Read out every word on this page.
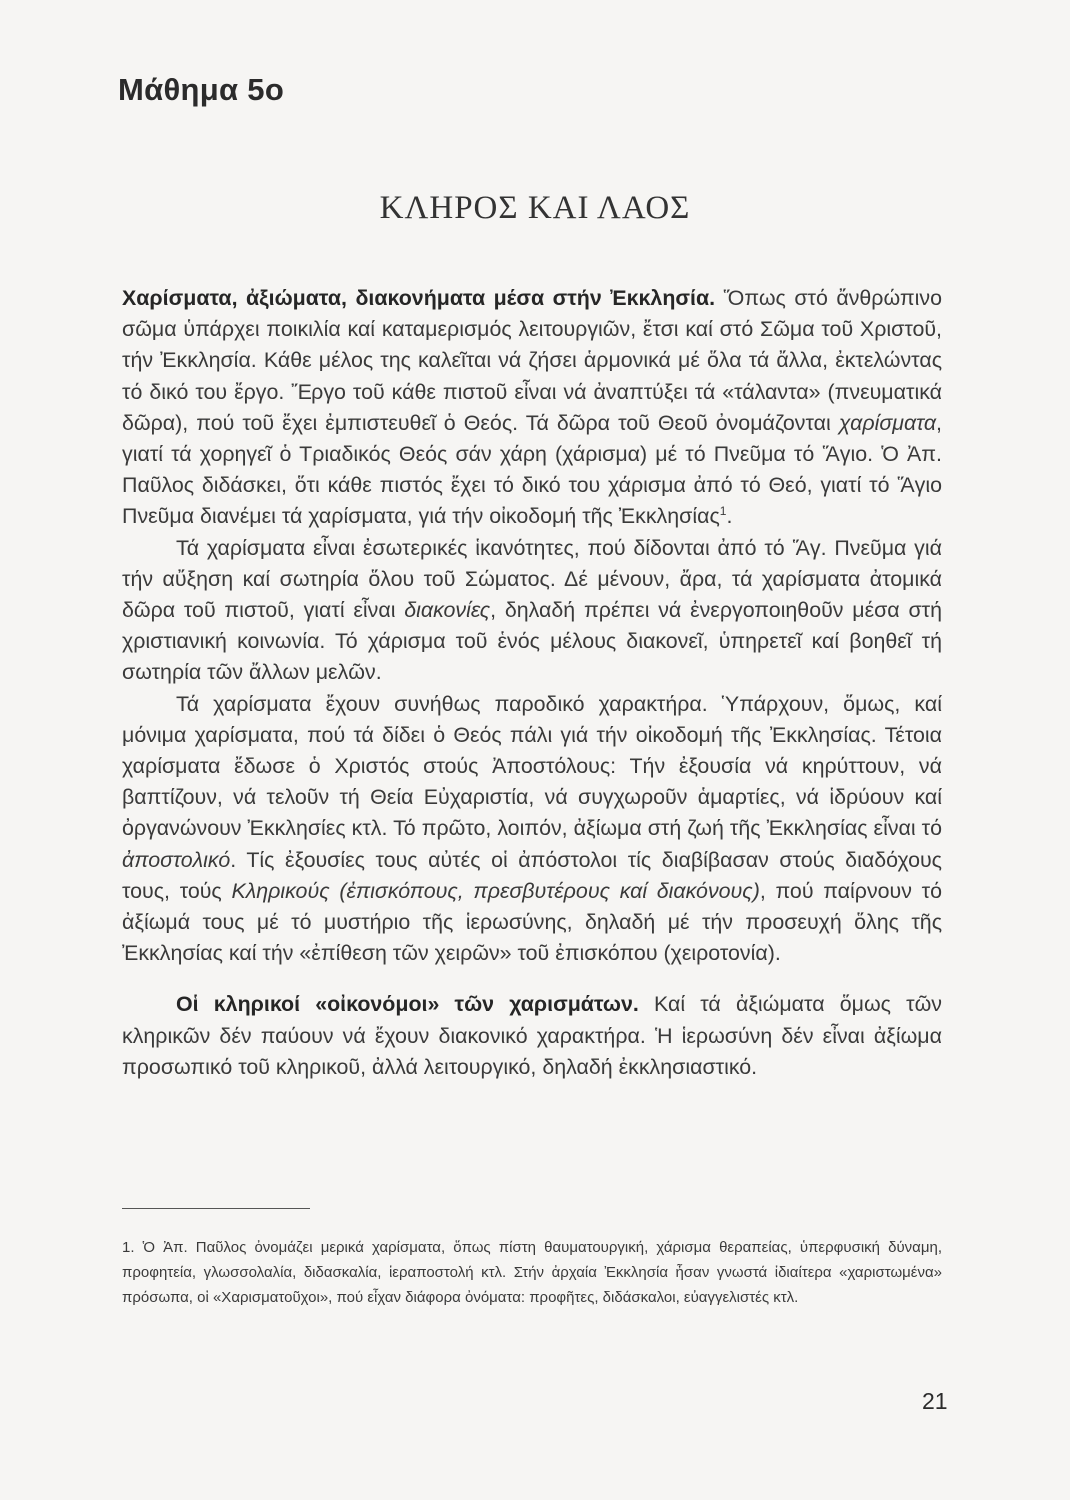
Μάθημα 5ο
ΚΛΗΡΟΣ ΚΑΙ ΛΑΟΣ

Χαρίσματα, ἀξιώματα, διακονήματα μέσα στήν Ἐκκλησία. Ὅπως στό ἄνθρώπινο σῶμα ὑπάρχει ποικιλία καί καταμερισμός λειτουργιῶν, ἔτσι καί στό Σῶμα τοῦ Χριστοῦ, τήν Ἐκκλησία. Κάθε μέλος της καλεῖται νά ζήσει ἁρμονικά μέ ὅλα τά ἄλλα, ἐκτελώντας τό δικό του ἔργο. Ἔργο τοῦ κάθε πιστοῦ εἶναι νά ἀναπτύξει τά «τάλαντα» (πνευματικά δῶρα), πού τοῦ ἔχει ἐμπιστευθεῖ ὁ Θεός. Τά δῶρα τοῦ Θεοῦ ὀνομάζονται χαρίσματα, γιατί τά χορηγεῖ ὁ Τριαδικός Θεός σάν χάρη (χάρισμα) μέ τό Πνεῦμα τό Ἅγιο. Ὁ Ἀπ. Παῦλος διδάσκει, ὅτι κάθε πιστός ἔχει τό δικό του χάρισμα ἀπό τό Θεό, γιατί τό Ἅγιο Πνεῦμα διανέμει τά χαρίσματα, γιά τήν οἰκοδομή τῆς Ἐκκλησίας$^1$.

Τά χαρίσματα εἶναι ἐσωτερικές ἱκανότητες, πού δίδονται ἀπό τό Ἅγ. Πνεῦμα γιά τήν αὔξηση καί σωτηρία ὅλου τοῦ Σώματος. Δέ μένουν, ἄρα, τά χαρίσματα ἀτομικά δῶρα τοῦ πιστοῦ, γιατί εἶναι διακονίες, δηλαδή πρέπει νά ἐνεργοποιηθοῦν μέσα στή χριστιανική κοινωνία. Τό χάρισμα τοῦ ἑνός μέλους διακονεῖ, ὑπηρετεῖ καί βοηθεῖ τή σωτηρία τῶν ἄλλων μελῶν.

Τά χαρίσματα ἔχουν συνήθως παροδικό χαρακτήρα. Ὑπάρχουν, ὅμως, καί μόνιμα χαρίσματα, πού τά δίδει ὁ Θεός πάλι γιά τήν οἰκοδομή τῆς Ἐκκλησίας. Τέτοια χαρίσματα ἔδωσε ὁ Χριστός στούς Ἀποστόλους: Τήν ἐξουσία νά κηρύττουν, νά βαπτίζουν, νά τελοῦν τή Θεία Εὐχαριστία, νά συγχωροῦν ἁμαρτίες, νά ἱδρύουν καί ὀργανώνουν Ἐκκλησίες κτλ. Τό πρῶτο, λοιπόν, ἀξίωμα στή ζωή τῆς Ἐκκλησίας εἶναι τό ἀποστολικό. Τίς ἐξουσίες τους αὐτές οἱ ἀπόστολοι τίς διαβίβασαν στούς διαδόχους τους, τούς Κληρικούς (ἐπισκόπους, πρεσβυτέρους καί διακόνους), πού παίρνουν τό ἀξίωμά τους μέ τό μυστήριο τῆς ἱερωσύνης, δηλαδή μέ τήν προσευχή ὅλης τῆς Ἐκκλησίας καί τήν «ἐπίθεση τῶν χειρῶν» τοῦ ἐπισκόπου (χειροτονία).

Οἱ κληρικοί «οἰκονόμοι» τῶν χαρισμάτων. Καί τά ἀξιώματα ὅμως τῶν κληρικῶν δέν παύουν νά ἔχουν διακονικό χαρακτήρα. Ἡ ἱερωσύνη δέν εἶναι ἀξίωμα προσωπικό τοῦ κληρικοῦ, ἀλλά λειτουργικό, δηλαδή ἐκκλησιαστικό.

1. Ὁ Ἀπ. Παῦλος ὀνομάζει μερικά χαρίσματα, ὅπως πίστη θαυματουργική, χάρισμα θεραπείας, ὑπερφυσική δύναμη, προφητεία, γλωσσολαλία, διδασκαλία, ἱεραποστολή κτλ. Στήν ἀρχαία Ἐκκλησία ἦσαν γνωστά ἰδιαίτερα «χαριστωμένα» πρόσωπα, οἱ «Χαρισματοῦχοι», πού εἶχαν διάφορα ὀνόματα: προφῆτες, διδάσκαλοι, εὐαγγελιστές κτλ.

21
